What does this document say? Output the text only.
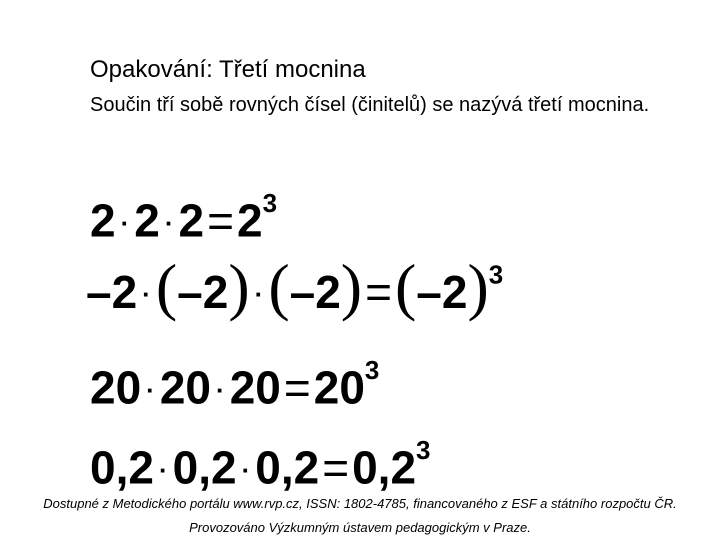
Opakování: Třetí mocnina
Součin tří sobě rovných čísel (činitelů) se nazývá třetí mocnina.
$2 \cdot 2 \cdot 2=2^3$
$-2 \cdot(-2) \cdot(-2)=(-2)^3$
$20 \cdot 20 \cdot 20=20^3$
$0,2 \cdot 0,2 \cdot 0,2=0,2^3$
Dostupné z Metodického portálu www.rvp.cz, ISSN: 1802-4785, financovaného z ESF a státního rozpočtu ČR.
Provozováno Výzkumným ústavem pedagogickým v Praze.
